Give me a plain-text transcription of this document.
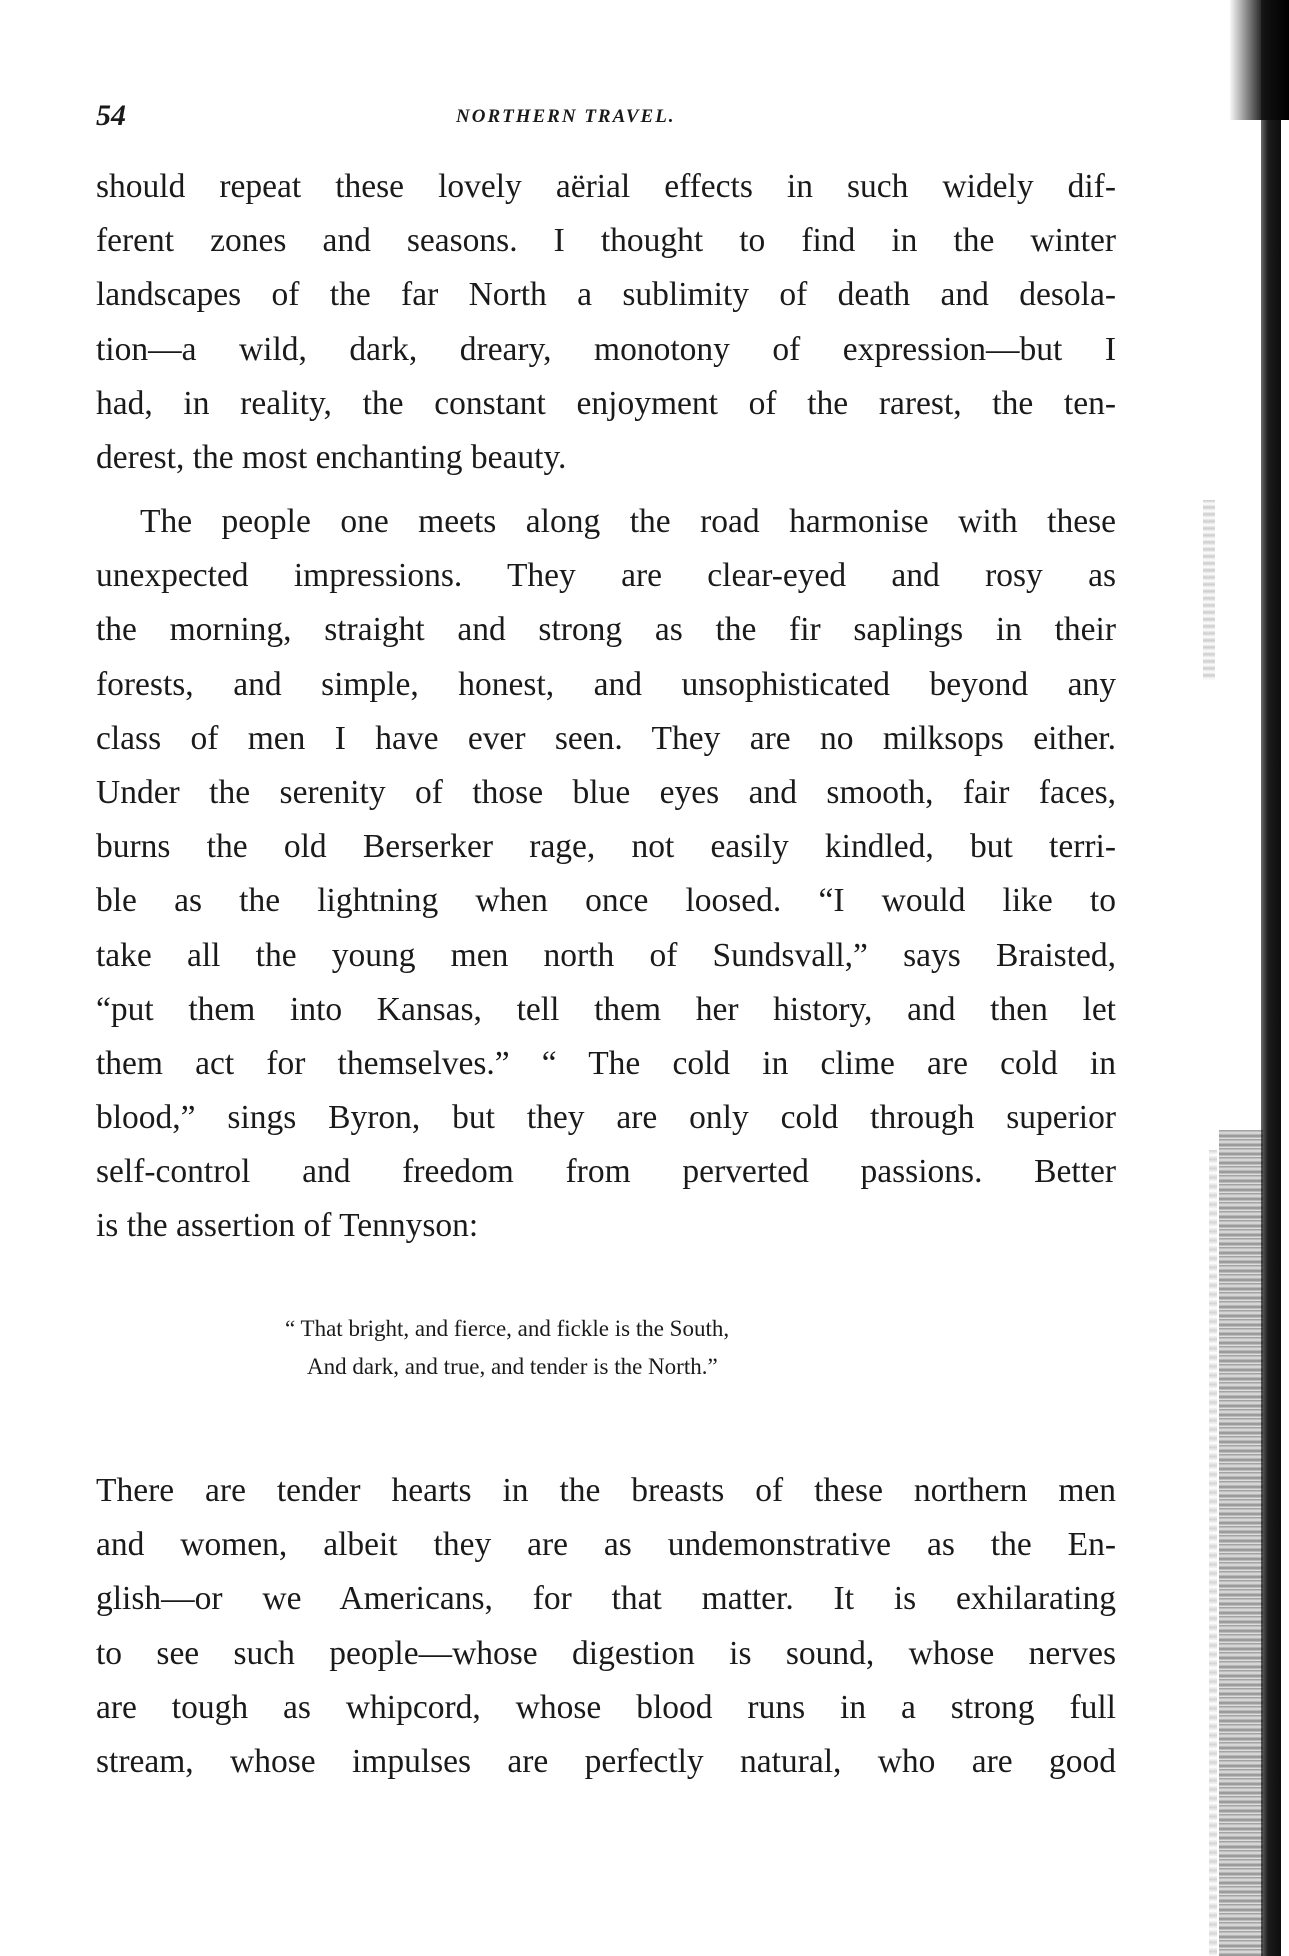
54	NORTHERN TRAVEL.
should repeat these lovely aërial effects in such widely dif-
ferent zones and seasons. I thought to find in the winter
landscapes of the far North a sublimity of death and desola-
tion—a wild, dark, dreary, monotony of expression—but I
had, in reality, the constant enjoyment of the rarest, the ten-
derest, the most enchanting beauty.
The people one meets along the road harmonise with these
unexpected impressions. They are clear-eyed and rosy as
the morning, straight and strong as the fir saplings in their
forests, and simple, honest, and unsophisticated beyond any
class of men I have ever seen. They are no milksops either.
Under the serenity of those blue eyes and smooth, fair faces,
burns the old Berserker rage, not easily kindled, but terri-
ble as the lightning when once loosed. “I would like to
take all the young men north of Sundsvall,” says Braisted,
“put them into Kansas, tell them her history, and then let
them act for themselves.” “ The cold in clime are cold in
blood,” sings Byron, but they are only cold through superior
self-control and freedom from perverted passions. Better
is the assertion of Tennyson:
“ That bright, and fierce, and fickle is the South,
And dark, and true, and tender is the North.”
There are tender hearts in the breasts of these northern men
and women, albeit they are as undemonstrative as the En-
glish—or we Americans, for that matter. It is exhilarating
to see such people—whose digestion is sound, whose nerves
are tough as whipcord, whose blood runs in a strong full
stream, whose impulses are perfectly natural, who are good
